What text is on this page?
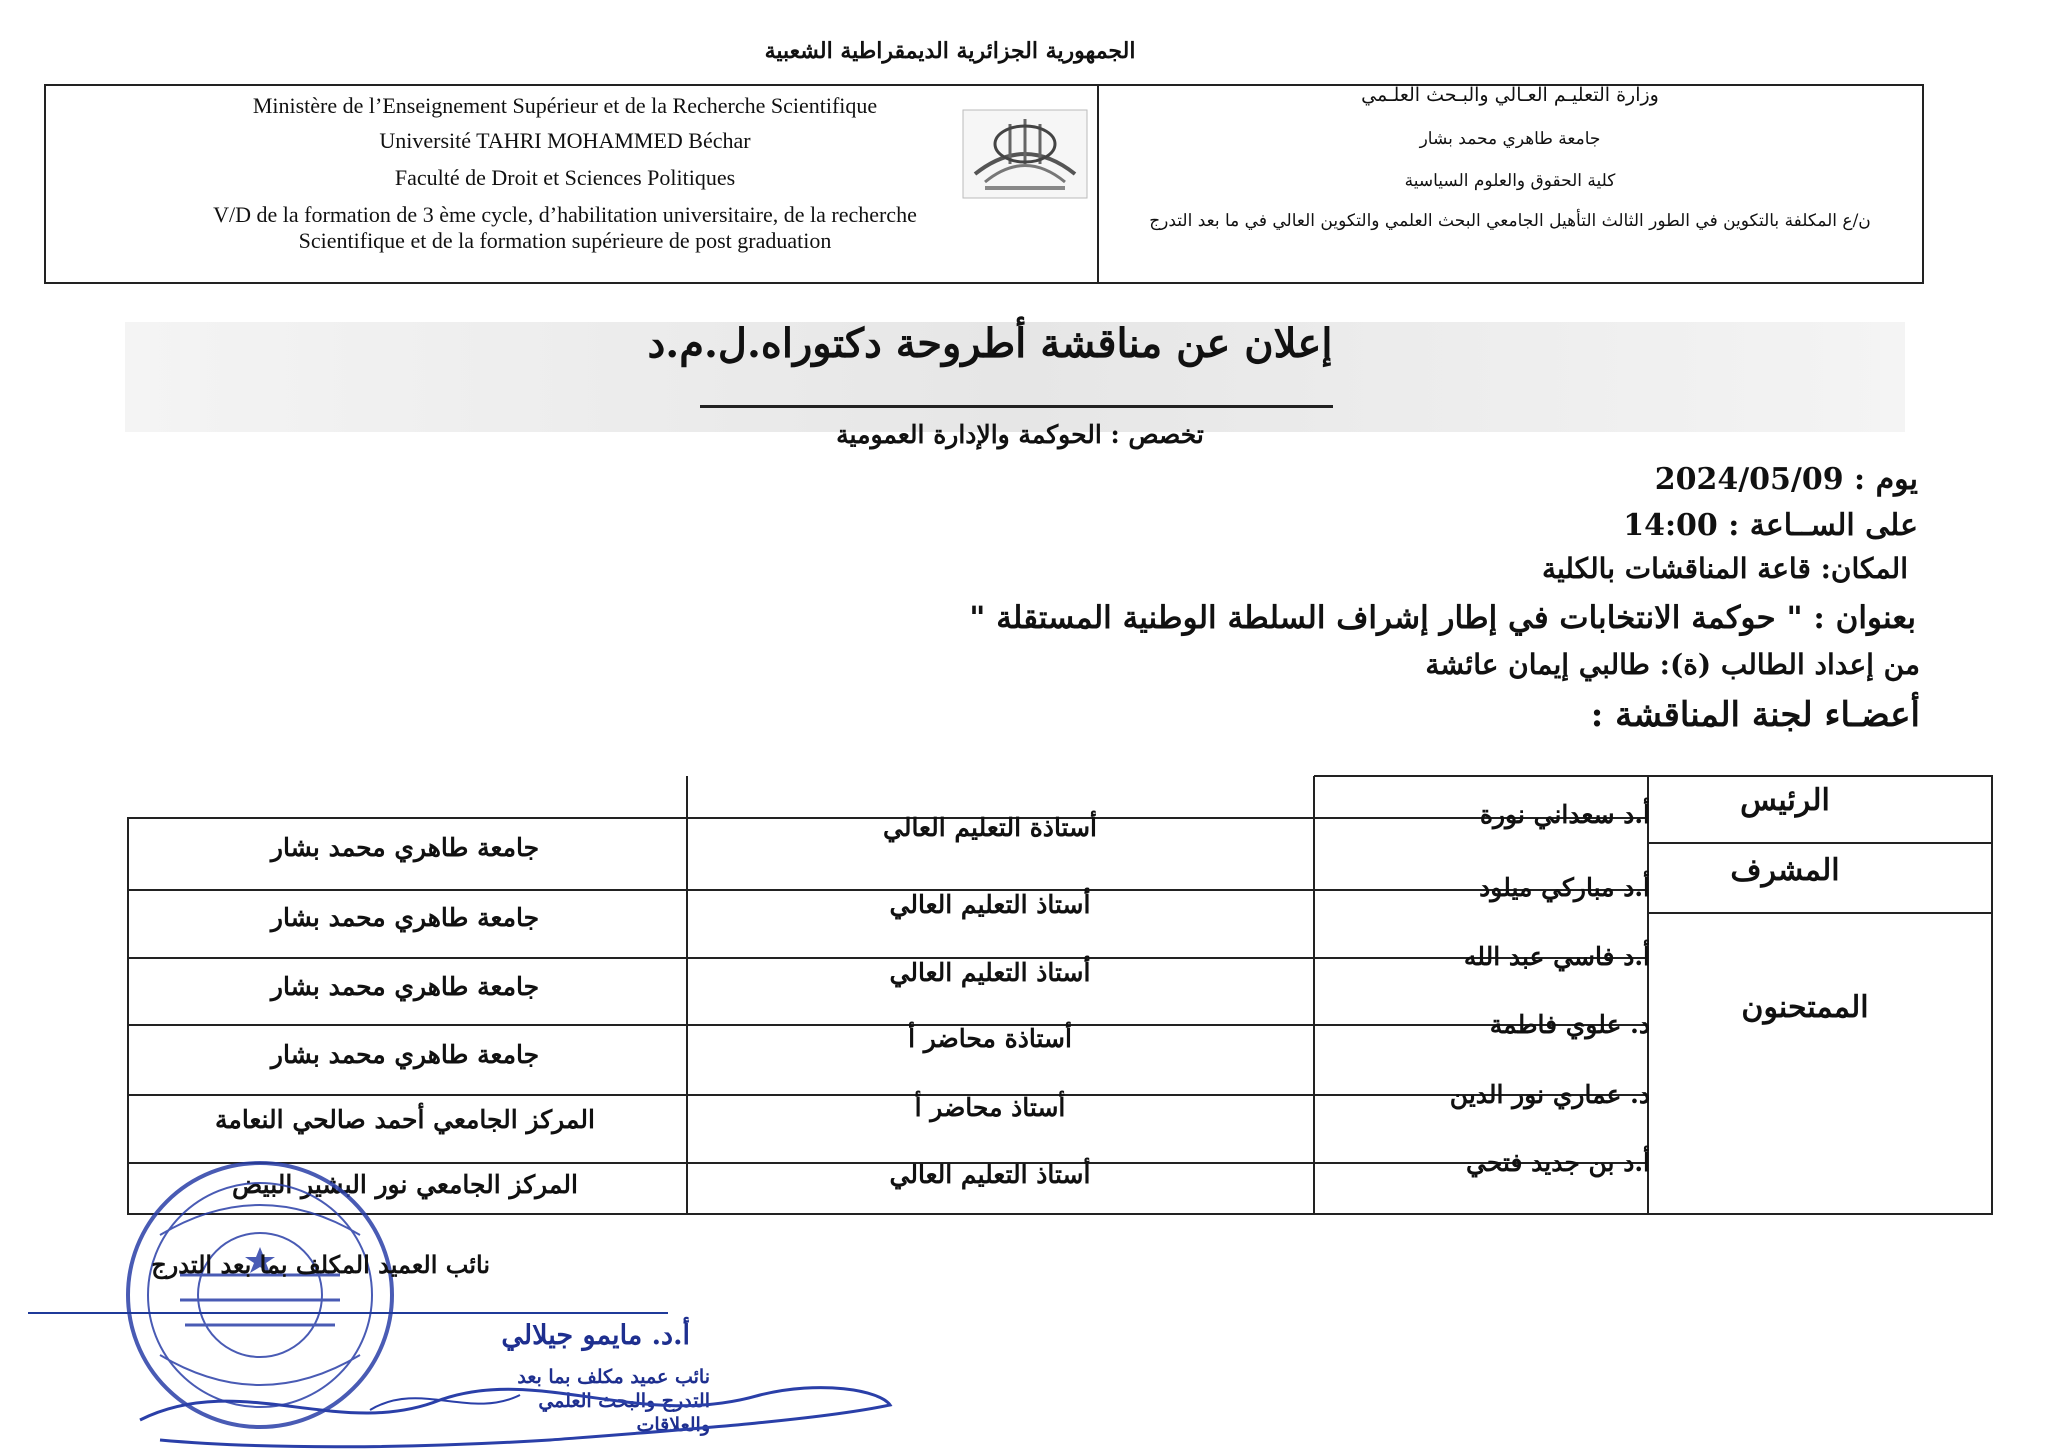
الجمهورية الجزائرية الديمقراطية الشعبية
Ministère de l’Enseignement Supérieur et de la Recherche Scientifique
Université TAHRI MOHAMMED Béchar
Faculté de Droit et Sciences Politiques
V/D de la formation de 3 ème cycle, d’habilitation universitaire, de la recherche
Scientifique et de la formation supérieure de post graduation
وزارة التعليـم العـالي والبـحث العلـمي
جامعة طاهري محمد بشار
كلية الحقوق والعلوم السياسية
ن/ع المكلفة بالتكوين في الطور الثالث التأهيل الجامعي البحث العلمي والتكوين العالي في ما بعد التدرج
إعلان عن مناقشة أطروحة دكتوراه.ل.م.د
تخصص : الحوكمة والإدارة العمومية
يوم : 2024/05/09
على الســاعة : 14:00
المكان: قاعة المناقشات بالكلية
بعنوان : " حوكمة الانتخابات في إطار إشراف السلطة الوطنية المستقلة "
من إعداد الطالب (ة): طالبي إيمان عائشة
أعضـاء لجنة المناقشة :
الرئيس
المشرف
الممتحنون
أ.د سعداني نورة
أستاذة التعليم العالي
جامعة طاهري محمد بشار
أ.د مباركي ميلود
أستاذ التعليم العالي
جامعة طاهري محمد بشار
أ.د فاسي عبد الله
أستاذ التعليم العالي
جامعة طاهري محمد بشار
د. علوي فاطمة
أستاذة محاضر أ
جامعة طاهري محمد بشار
د. عماري نور الدين
أستاذ محاضر أ
المركز الجامعي أحمد صالحي النعامة
أ.د بن جديد فتحي
أستاذ التعليم العالي
المركز الجامعي نور البشير البيض
نائب العميد المكلف بما بعد التدرج
أ.د. مايمو جيلالي
نائب عميد مكلف بما بعد التدرج والبحث العلمي والعلاقات
